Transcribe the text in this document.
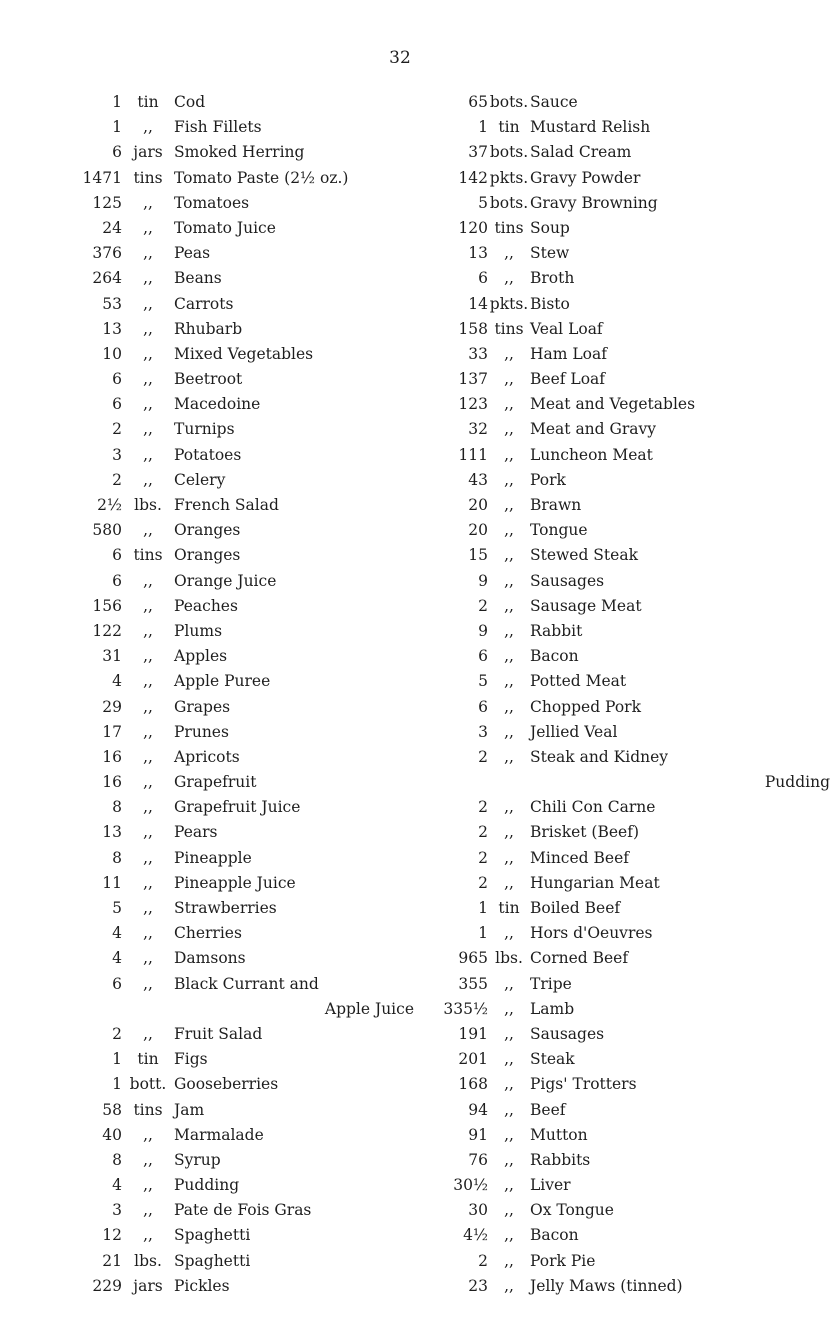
32
1 tin Cod
1	,,	Fish Fillets
6 jars Smoked Herring
1471 tins Tomato Paste (2½ oz.)
125	,,	Tomatoes
24	,,	Tomato Juice
376	,,	Peas
264	,,	Beans
53	,,	Carrots
13	,,	Rhubarb
10	,,	Mixed Vegetables
6	,,	Beetroot
6	,,	Macedoine
2	,,	Turnips
3	,,	Potatoes
2	,,	Celery
2½ lbs. French Salad
580	,,	Oranges
6 tins Oranges
6	,,	Orange Juice
156	,,	Peaches
122	,,	Plums
31	,,	Apples
4	,,	Apple Puree
29	,,	Grapes
17	,,	Prunes
16	,,	Apricots
16	,,	Grapefruit
8	,,	Grapefruit Juice
13	,,	Pears
8	,,	Pineapple
11	,,	Pineapple Juice
5	,,	Strawberries
4	,,	Cherries
4	,,	Damsons
6	,,	Black Currant and
Apple Juice
2	,,	Fruit Salad
1 tin Figs
1 bott. Gooseberries
58 tins Jam
40	,,	Marmalade
8	,,	Syrup
4	,,	Pudding
3	,,	Pate de Fois Gras
12	,,	Spaghetti
21 lbs. Spaghetti
229 jars Pickles
65 bots. Sauce
1 tin Mustard Relish
37 bots. Salad Cream
142 pkts. Gravy Powder
5 bots. Gravy Browning
120 tins Soup
13	,,	Stew
6	,,	Broth
14 pkts. Bisto
158 tins Veal Loaf
33	,,	Ham Loaf
137	,,	Beef Loaf
123	,,	Meat and Vegetables
32	,,	Meat and Gravy
111	,,	Luncheon Meat
43	,,	Pork
20	,,	Brawn
20	,,	Tongue
15	,,	Stewed Steak
9	,,	Sausages
2	,,	Sausage Meat
9	,,	Rabbit
6	,,	Bacon
5	,,	Potted Meat
6	,,	Chopped Pork
3	,,	Jellied Veal
2	,,	Steak and Kidney
Pudding
2	,,	Chili Con Carne
2	,,	Brisket (Beef)
2	,,	Minced Beef
2	,,	Hungarian Meat
1 tin Boiled Beef
1	,,	Hors d'Oeuvres
965 lbs. Corned Beef
355	,,	Tripe
335½	,,	Lamb
191	,,	Sausages
201	,,	Steak
168	,,	Pigs' Trotters
94	,,	Beef
91	,,	Mutton
76	,,	Rabbits
30½	,,	Liver
30	,,	Ox Tongue
4½	,,	Bacon
2	,,	Pork Pie
23	,,	Jelly Maws (tinned)
